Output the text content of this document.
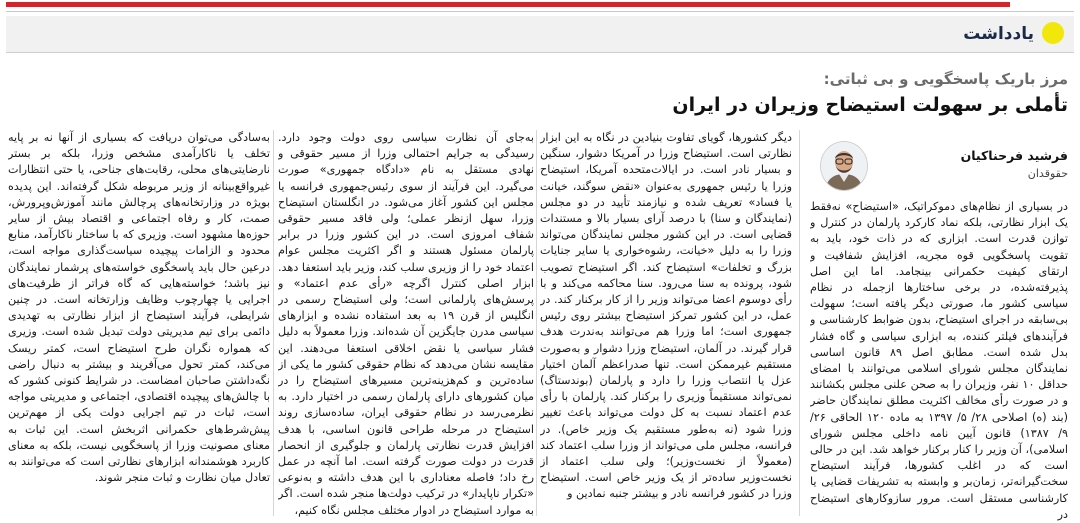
یادداشت
مرز باریک پاسخگویی و بی ثباتی:
تأملی بر سهولت استیضاح وزیران در ایران
فرشید فرحناکیان
حقوقدان

در بسیاری از نظام‌های دموکراتیک، «استیضاح» نه‌فقط یک ابزار نظارتی، بلکه نماد کارکرد پارلمان در کنترل و توازن قدرت است. ابزاری که در ذات خود، باید به تقویت پاسخگویی قوه مجریه، افزایش شفافیت و ارتقای کیفیت حکمرانی بینجامد. اما این اصل پذیرفته‌شده، در برخی ساختارها ازجمله در نظام سیاسی کشور ما، صورتی دیگر یافته است؛ سهولت بی‌سابقه در اجرای استیضاح، بدون ضوابط کارشناسی و فرآیندهای فیلتر کننده، به ابزاری سیاسی و گاه فشار بدل شده است. مطابق اصل ۸۹ قانون اساسی نمایندگان مجلس شورای اسلامی می‌توانند با امضای حداقل ۱۰ نفر، وزیران را به صحن علنی مجلس بکشانند و در صورت رأی مخالف اکثریت مطلق نمایندگان حاضر (بند (ه) اصلاحی ۲۸/ ۵/ ۱۳۹۷ به ماده ۱۲۰ الحاقی ۲۶/ ۹/ ۱۳۸۷) قانون آیین نامه داخلی مجلس شورای اسلامی)، آن وزیر را کنار برکنار خواهد شد. این در حالی است که در اغلب کشورها، فرآیند استیضاح سخت‌گیرانه‌تر، زمان‌بر و وابسته به تشریفات قضایی یا کارشناسی مستقل است. مرور سازوکارهای استیضاح در

دیگر کشورها، گویای تفاوت بنیادین در نگاه به این ابزار نظارتی است. استیضاح وزرا در آمریکا دشوار، سنگین و بسیار نادر است. در ایالات‌متحده آمریکا، استیضاح وزرا یا رئیس جمهوری به‌عنوان «نقض سوگند، خیانت یا فساد» تعریف شده و نیازمند تأیید در دو مجلس (نمایندگان و سنا) با درصد آرای بسیار بالا و مستندات قضایی است. در این کشور مجلس نمایندگان می‌تواند وزرا را به دلیل «خیانت، رشوه‌خواری یا سایر جنایات بزرگ و تخلفات» استیضاح کند. اگر استیضاح تصویب شود، پرونده به سنا می‌رود. سنا محاکمه می‌کند و با رأی دوسوم اعضا می‌تواند وزیر را از کار برکنار کند. در عمل، در این کشور تمرکز استیضاح بیشتر روی رئیس جمهوری است؛ اما وزرا هم می‌توانند به‌ندرت هدف قرار گیرند. در آلمان، استیضاح وزرا دشوار و به‌صورت مستقیم غیرممکن است. تنها صدراعظم آلمان اختیار عزل یا انتصاب وزرا را دارد و پارلمان (بوندستاگ) نمی‌تواند مستقیماً وزیری را برکنار کند. پارلمان با رأی عدم اعتماد نسبت به کل دولت می‌تواند باعث تغییر وزرا شود (نه به‌طور مستقیم یک وزیر خاص). در فرانسه، مجلس ملی می‌تواند از وزرا سلب اعتماد کند (معمولاً از نخست‌وزیر)؛ ولی سلب اعتماد از نخست‌وزیر ساده‌تر از یک وزیر خاص است. استیضاح وزرا در کشور فرانسه نادر و بیشتر جنبه نمادین و

به‌جای آن نظارت سیاسی روی دولت وجود دارد. رسیدگی به جرایم احتمالی وزرا از مسیر حقوقی و نهادی مستقل به نام «دادگاه جمهوری» صورت می‌گیرد. این فرآیند از سوی رئیس‌جمهوری فرانسه یا مجلس این کشور آغاز می‌شود. در انگلستان استیضاح وزرا، سهل ازنظر عملی؛ ولی فاقد مسیر حقوقی شفاف امروزی است. در این کشور وزرا در برابر پارلمان مسئول هستند و اگر اکثریت مجلس عوام اعتماد خود را از وزیری سلب کند، وزیر باید استعفا دهد. ابزار اصلی کنترل اگرچه «رأی عدم اعتماد» و پرسش‌های پارلمانی است؛ ولی استیضاح رسمی در انگلیس از قرن ۱۹ به بعد استفاده نشده و ابزارهای سیاسی مدرن جایگزین آن شده‌اند. وزرا معمولاً به دلیل فشار سیاسی یا نقض اخلاقی استعفا می‌دهند. این مقایسه نشان می‌دهد که نظام حقوقی کشور ما یکی از ساده‌ترین و کم‌هزینه‌ترین مسیرهای استیضاح را در میان کشورهای دارای پارلمان رسمی در اختیار دارد. به نظرمی‌رسد در نظام حقوقی ایران، ساده‌سازی روند استیضاح در مرحله طراحی قانون اساسی، با هدف افزایش قدرت نظارتی پارلمان و جلوگیری از انحصار قدرت در دولت صورت گرفته است. اما آنچه در عمل رخ داد؛ فاصله معناداری با این هدف داشته و به‌نوعی «تکرار ناپایدار» در ترکیب دولت‌ها منجر شده است. اگر به موارد استیضاح در ادوار مختلف مجلس نگاه کنیم،

به‌سادگی می‌توان دریافت که بسیاری از آنها نه بر پایه تخلف یا ناکارآمدی مشخص وزرا، بلکه بر بستر نارضایتی‌های محلی، رقابت‌های جناحی، یا حتی انتظارات غیرواقع‌بینانه از وزیر مربوطه شکل گرفته‌اند. این پدیده بویژه در وزارتخانه‌های پرچالش مانند آموزش‌وپرورش، صمت، کار و رفاه اجتماعی و اقتصاد بیش از سایر حوزه‌ها مشهود است. وزیری که با ساختار ناکارآمد، منابع محدود و الزامات پیچیده سیاست‌گذاری مواجه است، درعین حال باید پاسخگوی خواسته‌های پرشمار نمایندگان نیز باشد؛ خواسته‌هایی که گاه فراتر از ظرفیت‌های اجرایی یا چهارچوب وظایف وزارتخانه است. در چنین شرایطی، فرآیند استیضاح از ابزار نظارتی به تهدیدی دائمی برای تیم مدیریتی دولت تبدیل شده است. وزیری که همواره نگران طرح استیضاح است، کمتر ریسک می‌کند، کمتر تحول می‌آفریند و بیشتر به دنبال راضی نگه‌داشتن صاحبان امضاست. در شرایط کنونی کشور که با چالش‌های پیچیده اقتصادی، اجتماعی و مدیریتی مواجه است، ثبات در تیم اجرایی دولت یکی از مهم‌ترین پیش‌شرط‌های حکمرانی اثربخش است. این ثبات به معنای مصونیت وزرا از پاسخگویی نیست، بلکه به معنای کاربرد هوشمندانه ابزارهای نظارتی است که می‌توانند به تعادل میان نظارت و ثبات منجر شوند.
